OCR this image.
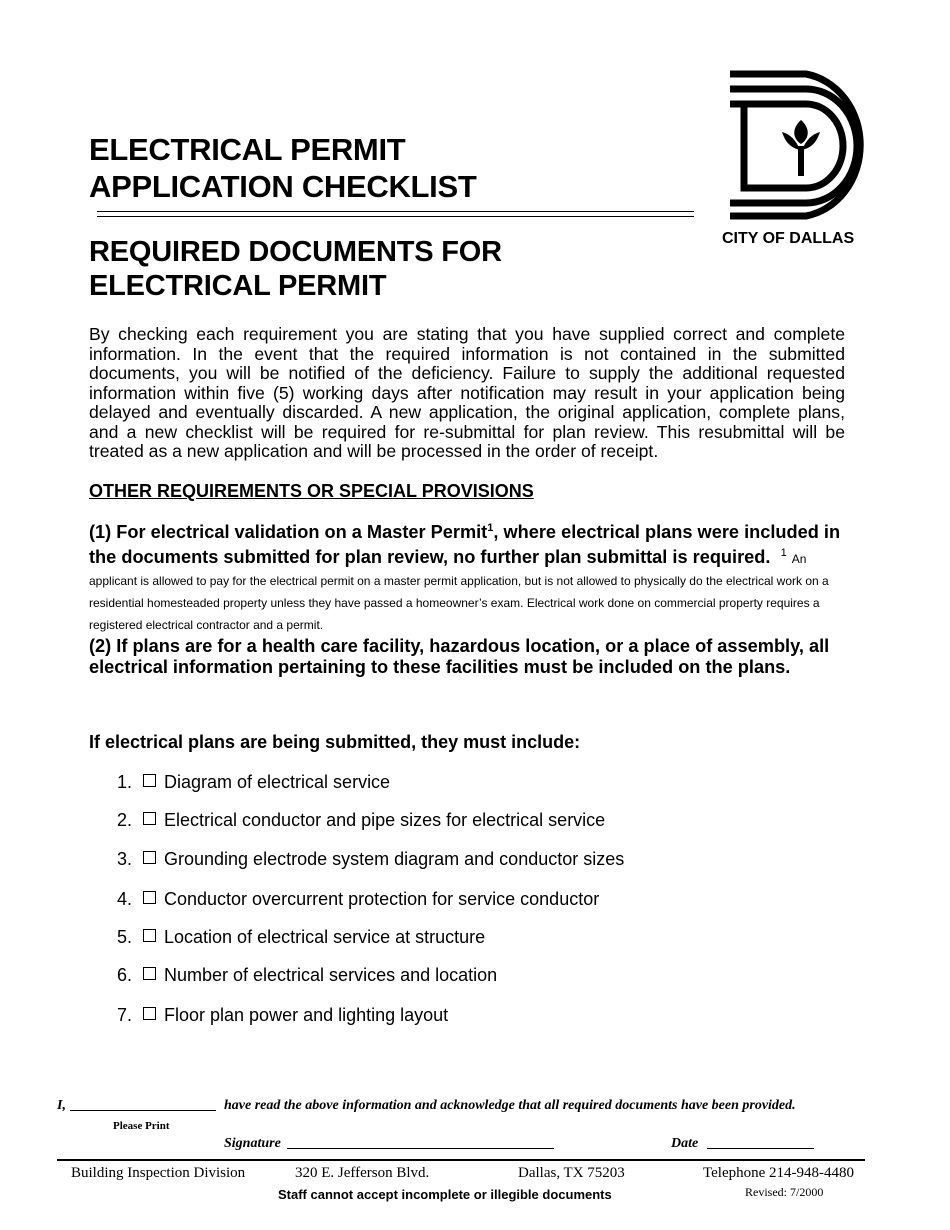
ELECTRICAL PERMIT
APPLICATION CHECKLIST
CITY OF DALLAS
REQUIRED DOCUMENTS FOR
ELECTRICAL PERMIT
By checking each requirement you are stating that you have supplied correct and complete information. In the event that the required information is not contained in the submitted documents, you will be notified of the deficiency. Failure to supply the additional requested information within five (5) working days after notification may result in your application being delayed and eventually discarded. A new application, the original application, complete plans, and a new checklist will be required for re-submittal for plan review. This resubmittal will be treated as a new application and will be processed in the order of receipt.
OTHER REQUIREMENTS OR SPECIAL PROVISIONS
(1) For electrical validation on a Master Permit$^1$, where electrical plans were included in the documents submitted for plan review, no further plan submittal is required. $^1$ An applicant is allowed to pay for the electrical permit on a master permit application, but is not allowed to physically do the electrical work on a residential homesteaded property unless they have passed a homeowner’s exam. Electrical work done on commercial property requires a registered electrical contractor and a permit.
(2) If plans are for a health care facility, hazardous location, or a place of assembly, all electrical information pertaining to these facilities must be included on the plans.
If electrical plans are being submitted, they must include:
1. Diagram of electrical service
2. Electrical conductor and pipe sizes for electrical service
3. Grounding electrode system diagram and conductor sizes
4. Conductor overcurrent protection for service conductor
5. Location of electrical service at structure
6. Number of electrical services and location
7. Floor plan power and lighting layout
I,	have read the above information and acknowledge that all required documents have been provided.
Please Print
Signature	Date
Building Inspection Division	320 E. Jefferson Blvd.	Dallas, TX 75203	Telephone 214-948-4480
Staff cannot accept incomplete or illegible documents	Revised: 7/2000
